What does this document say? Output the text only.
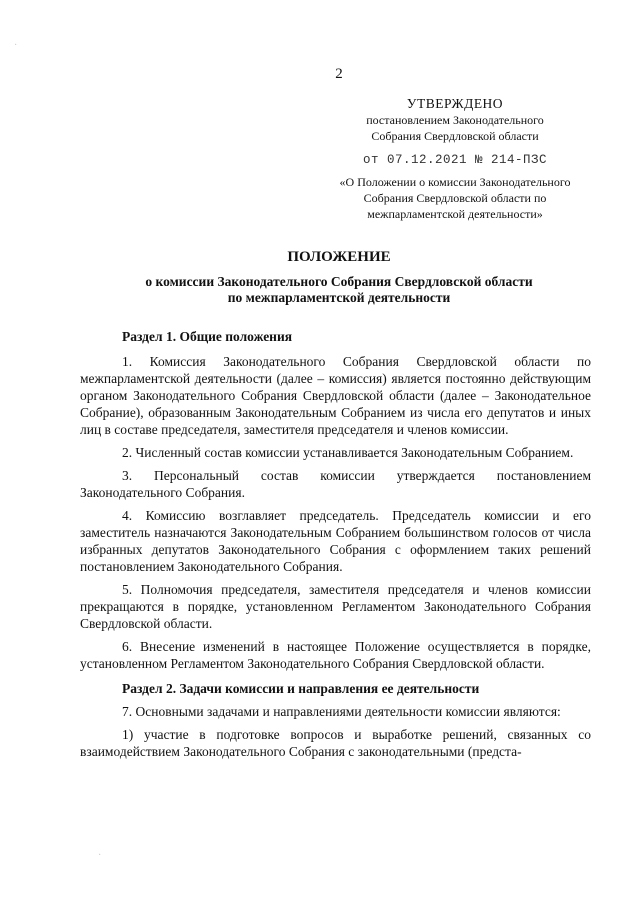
2
УТВЕРЖДЕНО
постановлением Законодательного
Собрания Свердловской области
от 07.12.2021 № 214-ПЗС
«О Положении о комиссии Законодательного
Собрания Свердловской области по
межпарламентской деятельности»
ПОЛОЖЕНИЕ
о комиссии Законодательного Собрания Свердловской области
по межпарламентской деятельности
Раздел 1. Общие положения

1. Комиссия Законодательного Собрания Свердловской области по межпарламентской деятельности (далее – комиссия) является постоянно действующим органом Законодательного Собрания Свердловской области (далее – Законодательное Собрание), образованным Законодательным Собранием из числа его депутатов и иных лиц в составе председателя, заместителя председателя и членов комиссии.

2. Численный состав комиссии устанавливается Законодательным Собранием.

3. Персональный состав комиссии утверждается постановлением Законодательного Собрания.

4. Комиссию возглавляет председатель. Председатель комиссии и его заместитель назначаются Законодательным Собранием большинством голосов от числа избранных депутатов Законодательного Собрания с оформлением таких решений постановлением Законодательного Собрания.

5. Полномочия председателя, заместителя председателя и членов комиссии прекращаются в порядке, установленном Регламентом Законодательного Собрания Свердловской области.

6. Внесение изменений в настоящее Положение осуществляется в порядке, установленном Регламентом Законодательного Собрания Свердловской области.

Раздел 2. Задачи комиссии и направления ее деятельности

7. Основными задачами и направлениями деятельности комиссии являются:

1) участие в подготовке вопросов и выработке решений, связанных со взаимодействием Законодательного Собрания с законодательными (предста-

·
·
